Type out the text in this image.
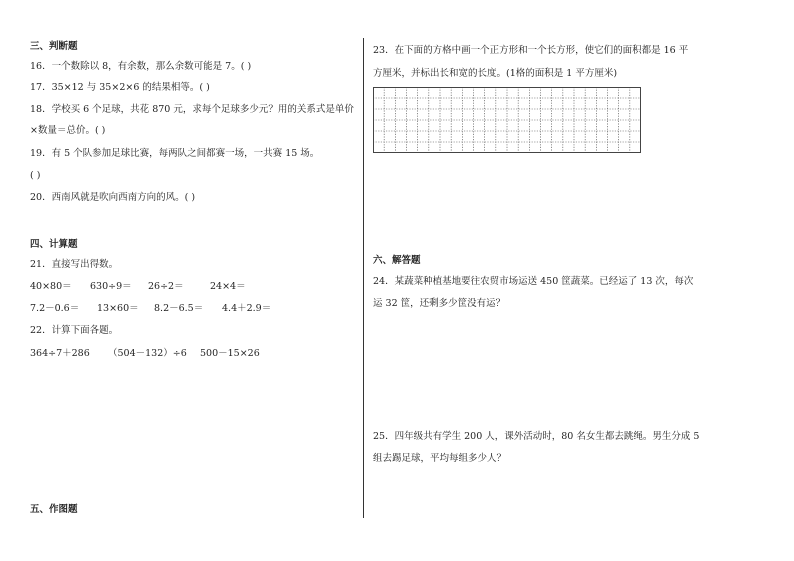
三、判断题
16．一个数除以 8，有余数，那么余数可能是 7。( )
17．35×12 与 35×2×6 的结果相等。( )
18．学校买 6 个足球，共花 870 元，求每个足球多少元？用的关系式是单价
×数量＝总价。( )
19．有 5 个队参加足球比赛，每两队之间都赛一场，一共赛 15 场。
( )
20．西南风就是吹向西南方向的风。( )
四、计算题
21．直接写出得数。
40×80＝ 630÷9＝ 26÷2＝	24×4＝
7.2－0.6＝ 13×60＝ 8.2－6.5＝ 4.4＋2.9＝
22．计算下面各题。
364÷7＋286 （504－132）÷6 500－15×26
五、作图题
23．在下面的方格中画一个正方形和一个长方形，使它们的面积都是 16 平
方厘米，并标出长和宽的长度。(1格的面积是 1 平方厘米)
六、解答题
24．某蔬菜种植基地要往农贸市场运送 450 筐蔬菜。已经运了 13 次，每次
运 32 筐，还剩多少筐没有运？
25．四年级共有学生 200 人，课外活动时，80 名女生都去跳绳。男生分成 5
组去踢足球，平均每组多少人？
